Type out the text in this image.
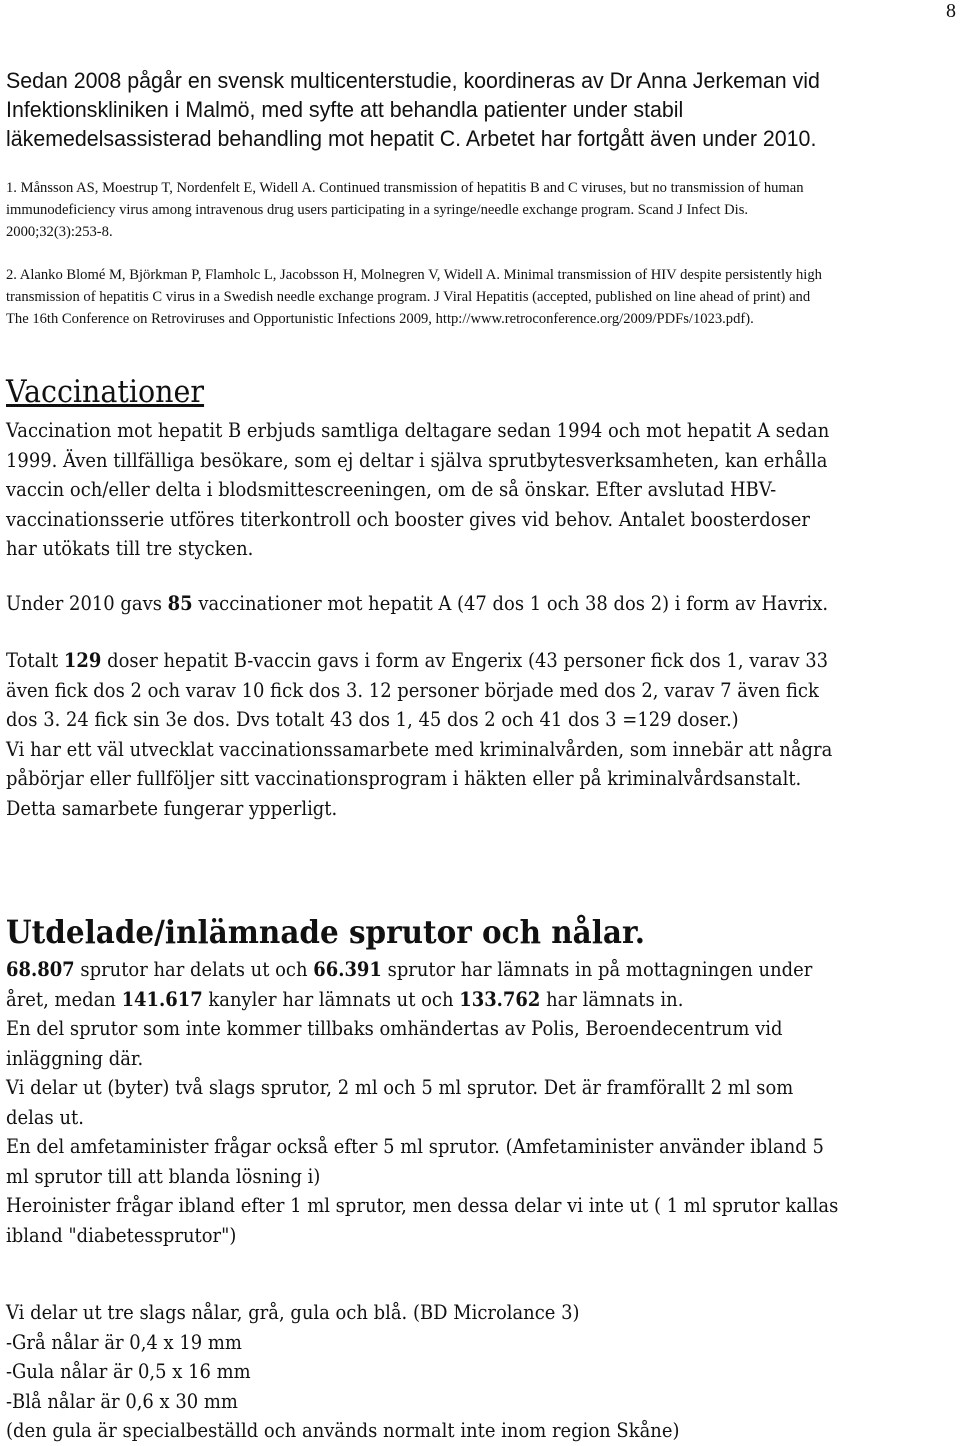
8
Sedan 2008 pågår en svensk multicenterstudie, koordineras av Dr Anna Jerkeman vid
Infektionskliniken i Malmö, med syfte att behandla patienter under stabil
läkemedelsassisterad behandling mot hepatit C. Arbetet har fortgått även under 2010.
1. Månsson AS, Moestrup T, Nordenfelt E, Widell A. Continued transmission of hepatitis B and C viruses, but no transmission of human
immunodeficiency virus among intravenous drug users participating in a syringe/needle exchange program. Scand J Infect Dis.
2000;32(3):253-8.
2. Alanko Blomé M, Björkman P, Flamholc L, Jacobsson H, Molnegren V, Widell A. Minimal transmission of HIV despite persistently high
transmission of hepatitis C virus in a Swedish needle exchange program. J Viral Hepatitis (accepted, published on line ahead of print) and
The 16th Conference on Retroviruses and Opportunistic Infections 2009, http://www.retroconference.org/2009/PDFs/1023.pdf).
Vaccinationer
Vaccination mot hepatit B erbjuds samtliga deltagare sedan 1994 och mot hepatit A sedan
1999. Även tillfälliga besökare, som ej deltar i själva sprutbytesverksamheten, kan erhålla
vaccin och/eller delta i blodsmittescreeningen, om de så önskar. Efter avslutad HBV-
vaccinationsserie utföres titerkontroll och booster gives vid behov. Antalet boosterdoser
har utökats till tre stycken.
Under 2010 gavs 85 vaccinationer mot hepatit A (47 dos 1 och 38 dos 2) i form av Havrix.
Totalt 129 doser hepatit B-vaccin gavs i form av Engerix (43 personer fick dos 1, varav 33
även fick dos 2 och varav 10 fick dos 3. 12 personer började med dos 2, varav 7 även fick
dos 3. 24 fick sin 3e dos. Dvs totalt 43 dos 1, 45 dos 2 och 41 dos 3 =129 doser.)
Vi har ett väl utvecklat vaccinationssamarbete med kriminalvården, som innebär att några
påbörjar eller fullföljer sitt vaccinationsprogram i häkten eller på kriminalvårdsanstalt.
Detta samarbete fungerar ypperligt.
Utdelade/inlämnade sprutor och nålar.
68.807 sprutor har delats ut och 66.391 sprutor har lämnats in på mottagningen under
året, medan 141.617 kanyler har lämnats ut och 133.762 har lämnats in.
En del sprutor som inte kommer tillbaks omhändertas av Polis, Beroendecentrum vid
inläggning där.
Vi delar ut (byter) två slags sprutor, 2 ml och 5 ml sprutor. Det är framförallt 2 ml som
delas ut.
En del amfetaminister frågar också efter 5 ml sprutor. (Amfetaminister använder ibland 5
ml sprutor till att blanda lösning i)
Heroinister frågar ibland efter 1 ml sprutor, men dessa delar vi inte ut ( 1 ml sprutor kallas
ibland "diabetessprutor")
Vi delar ut tre slags nålar, grå, gula och blå. (BD Microlance 3)
-Grå nålar är 0,4 x 19 mm
-Gula nålar är 0,5 x 16 mm
-Blå nålar är 0,6 x 30 mm
(den gula är specialbeställd och används normalt inte inom region Skåne)
